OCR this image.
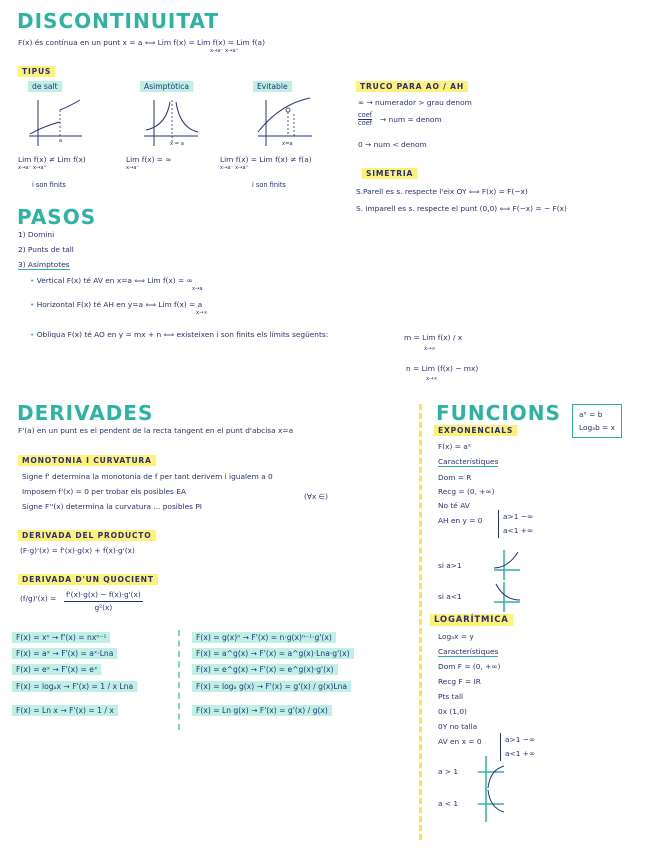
DISCONTINUITAT
F(x) és contínua en un punt x = a ⟺ Lim f(x) = Lim f(x) = Lim f(a)
x→a⁻ x→a⁺
TIPUS
de salt	Asimptòtica	Evitable
a	x = a	x=a
Lim f(x) ≠ Lim f(x)
x→a⁻ x→a⁺
i son finits
Lim f(x) = ∞
x→a⁻
Lim f(x) = Lim f(x) ≠ f(a)
x→a⁻ x→a⁺
i son finits
TRUCO PARA AO / AH
∞ → numerador > grau denom
coef
coef → num = denom
0 → num < denom
SIMETRIA
S.Parell es s. respecte l'eix OY ⟺ F(x) = F(−x)
S. imparell es s. respecte el punt (0,0) ⟺ F(−x) = − F(x)
PASOS
1) Domini
2) Punts de tall
3) Asímptotes
• Vertical F(x) té AV en x=a ⟺ Lim f(x) = ∞
x→a
• Horizontal F(x) té AH en y=a ⟺ Lim f(x) = a
x→∞
• Obliqua F(x) té AO en y = mx + n ⟺ existeixen i son finits els límits següents:	m = Lim f(x) / x
x→∞
n = Lim (f(x) − mx)
x→∞
DERIVADES
F'(a) en un punt es el pendent de la recta tangent en el punt d'abcisa x=a
MONOTONIA I CURVATURA
Signe f' determina la monotonia de f per tant derivem i igualem a 0
Imposem f'(x) = 0 per trobar els posibles EA
Signe F''(x) determina la curvatura ... posibles PI
(∀x ∈)
DERIVADA DEL PRODUCTO
(F·g)'(x) = f'(x)·g(x) + f(x)·g'(x)
DERIVADA D'UN QUOCIENT
$(f/g)'(x) = \frac{f'(x)\cdot g(x) - f(x)\cdot g'(x)}{\text{g²(x)}}$
F(x) = xⁿ → f'(x) = nxⁿ⁻¹
F(x) = aˣ → F'(x) = aˣ·Lna
F(x) = eˣ → F'(x) = eˣ
F(x) = logₐx → F'(x) = 1 / x Lna
F(x) = Ln x → F'(x) = 1 / x
F(x) = g(x)ⁿ → F'(x) = n·g(x)ⁿ⁻¹·g'(x)
F(x) = a^g(x) → F'(x) = a^g(x)·Lna·g'(x)
F(x) = e^g(x) → F'(x) = e^g(x)·g'(x)
F(x) = logₐ g(x) → F'(x) = g'(x) / g(x)Lna
F(x) = Ln g(x) → F'(x) = g'(x) / g(x)
FUNCIONS aˣ = b
Logₐb = x
EXPONENCIALS
F(x) = aˣ
Característiques
Dom = R
Recg = (0, +∞)
No té AV
AH en y = 0	a>1 −∞
a<1 +∞
si a>1
si a<1
LOGARÍTMICA
Logₐx = y
Característiques
Dom F = (0, +∞)
Recg F = IR
Pts tall
0x (1,0)
0Y no talla
AV en x = 0	a>1 −∞
a<1 +∞
a > 1
a < 1
